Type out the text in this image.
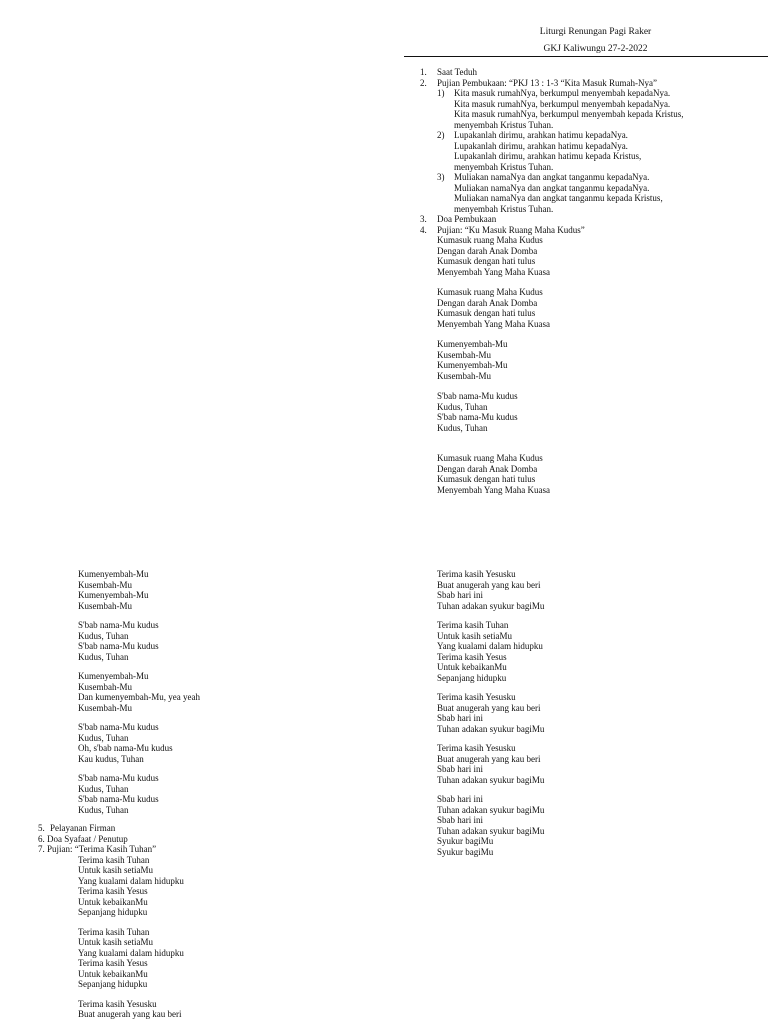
Liturgi Renungan Pagi Raker
GKJ Kaliwungu 27-2-2022
1. Saat Teduh
2. Pujian Pembukaan: “PKJ 13 : 1-3 “Kita Masuk Rumah-Nya”
1) Kita masuk rumahNya, berkumpul menyembah kepadaNya.
Kita masuk rumahNya, berkumpul menyembah kepadaNya.
Kita masuk rumahNya, berkumpul menyembah kepada Kristus,
menyembah Kristus Tuhan.
2) Lupakanlah dirimu, arahkan hatimu kepadaNya.
Lupakanlah dirimu, arahkan hatimu kepadaNya.
Lupakanlah dirimu, arahkan hatimu kepada Kristus,
menyembah Kristus Tuhan.
3) Muliakan namaNya dan angkat tanganmu kepadaNya.
Muliakan namaNya dan angkat tanganmu kepadaNya.
Muliakan namaNya dan angkat tanganmu kepada Kristus,
menyembah Kristus Tuhan.
3. Doa Pembukaan
4. Pujian: “Ku Masuk Ruang Maha Kudus”
Kumasuk ruang Maha Kudus
Dengan darah Anak Domba
Kumasuk dengan hati tulus
Menyembah Yang Maha Kuasa
Kumasuk ruang Maha Kudus
Dengan darah Anak Domba
Kumasuk dengan hati tulus
Menyembah Yang Maha Kuasa
Kumenyembah-Mu
Kusembah-Mu
Kumenyembah-Mu
Kusembah-Mu
S'bab nama-Mu kudus
Kudus, Tuhan
S'bab nama-Mu kudus
Kudus, Tuhan
Kumasuk ruang Maha Kudus
Dengan darah Anak Domba
Kumasuk dengan hati tulus
Menyembah Yang Maha Kuasa
Kumenyembah-Mu
Kusembah-Mu
Kumenyembah-Mu
Kusembah-Mu
S'bab nama-Mu kudus
Kudus, Tuhan
S'bab nama-Mu kudus
Kudus, Tuhan
Kumenyembah-Mu
Kusembah-Mu
Dan kumenyembah-Mu, yea yeah
Kusembah-Mu
S'bab nama-Mu kudus
Kudus, Tuhan
Oh, s'bab nama-Mu kudus
Kau kudus, Tuhan
S'bab nama-Mu kudus
Kudus, Tuhan
S'bab nama-Mu kudus
Kudus, Tuhan
5. Pelayanan Firman
6. Doa Syafaat / Penutup
7. Pujian: “Terima Kasih Tuhan”
Terima kasih Tuhan
Untuk kasih setiaMu
Yang kualami dalam hidupku
Terima kasih Yesus
Untuk kebaikanMu
Sepanjang hidupku
Terima kasih Tuhan
Untuk kasih setiaMu
Yang kualami dalam hidupku
Terima kasih Yesus
Untuk kebaikanMu
Sepanjang hidupku
Terima kasih Yesusku
Buat anugerah yang kau beri
Terima kasih Yesusku
Buat anugerah yang kau beri
Sbab hari ini
Tuhan adakan syukur bagiMu
Terima kasih Tuhan
Untuk kasih setiaMu
Yang kualami dalam hidupku
Terima kasih Yesus
Untuk kebaikanMu
Sepanjang hidupku
Terima kasih Yesusku
Buat anugerah yang kau beri
Sbab hari ini
Tuhan adakan syukur bagiMu
Terima kasih Yesusku
Buat anugerah yang kau beri
Sbab hari ini
Tuhan adakan syukur bagiMu
Sbab hari ini
Tuhan adakan syukur bagiMu
Sbab hari ini
Tuhan adakan syukur bagiMu
Syukur bagiMu
Syukur bagiMu
